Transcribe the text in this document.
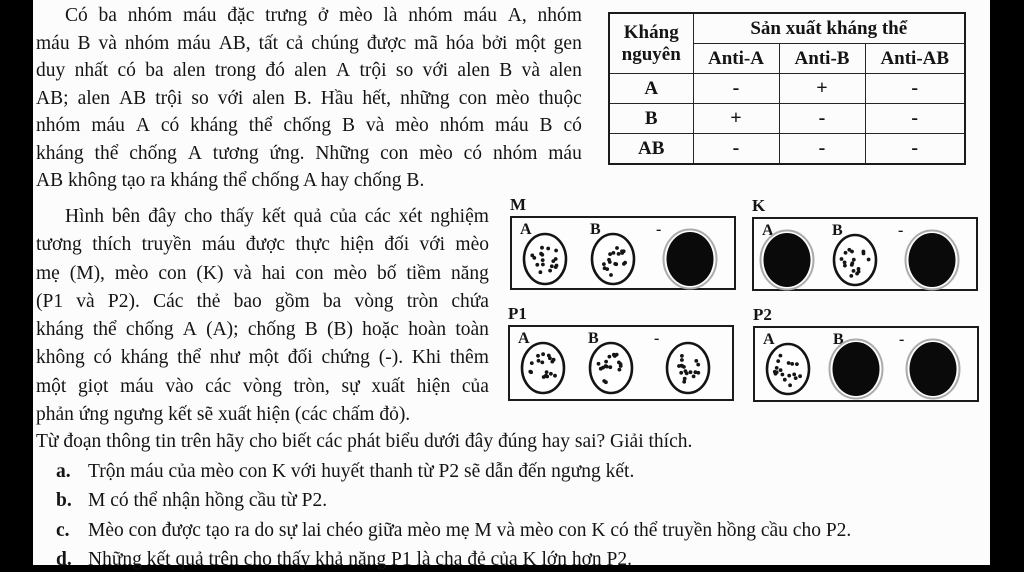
Có ba nhóm máu đặc trưng ở mèo là nhóm máu A, nhóm
máu B và nhóm máu AB, tất cả chúng được mã hóa bởi một gen
duy nhất có ba alen trong đó alen A trội so với alen B và alen
AB; alen AB trội so với alen B. Hầu hết, những con mèo thuộc
nhóm máu A có kháng thể chống B và mèo nhóm máu B có
kháng thể chống A tương ứng. Những con mèo có nhóm máu
AB không tạo ra kháng thể chống A hay chống B.
Hình bên đây cho thấy kết quả của các xét nghiệm
tương thích truyền máu được thực hiện đối với mèo
mẹ (M), mèo con (K) và hai con mèo bố tiềm năng
(P1 và P2). Các thẻ bao gồm ba vòng tròn chứa
kháng thể chống A (A); chống B (B) hoặc hoàn toàn
không có kháng thể như một đối chứng (-). Khi thêm
một giọt máu vào các vòng tròn, sự xuất hiện của
phản ứng ngưng kết sẽ xuất hiện (các chấm đỏ).
Kháng nguyên	Sản xuất kháng thể		
	Anti-A	Anti-B	Anti-AB
A	-	+	-
B	+	-	-
AB	-	-	-
M
A	B	-
K
A	B	-
P1
A	B	-
P2
A	B	-
Từ đoạn thông tin trên hãy cho biết các phát biểu dưới đây đúng hay sai? Giải thích.
a. Trộn máu của mèo con K với huyết thanh từ P2 sẽ dẫn đến ngưng kết.
b. M có thể nhận hồng cầu từ P2.
c. Mèo con được tạo ra do sự lai chéo giữa mèo mẹ M và mèo con K có thể truyền hồng cầu cho P2.
d. Những kết quả trên cho thấy khả năng P1 là cha đẻ của K lớn hơn P2.
